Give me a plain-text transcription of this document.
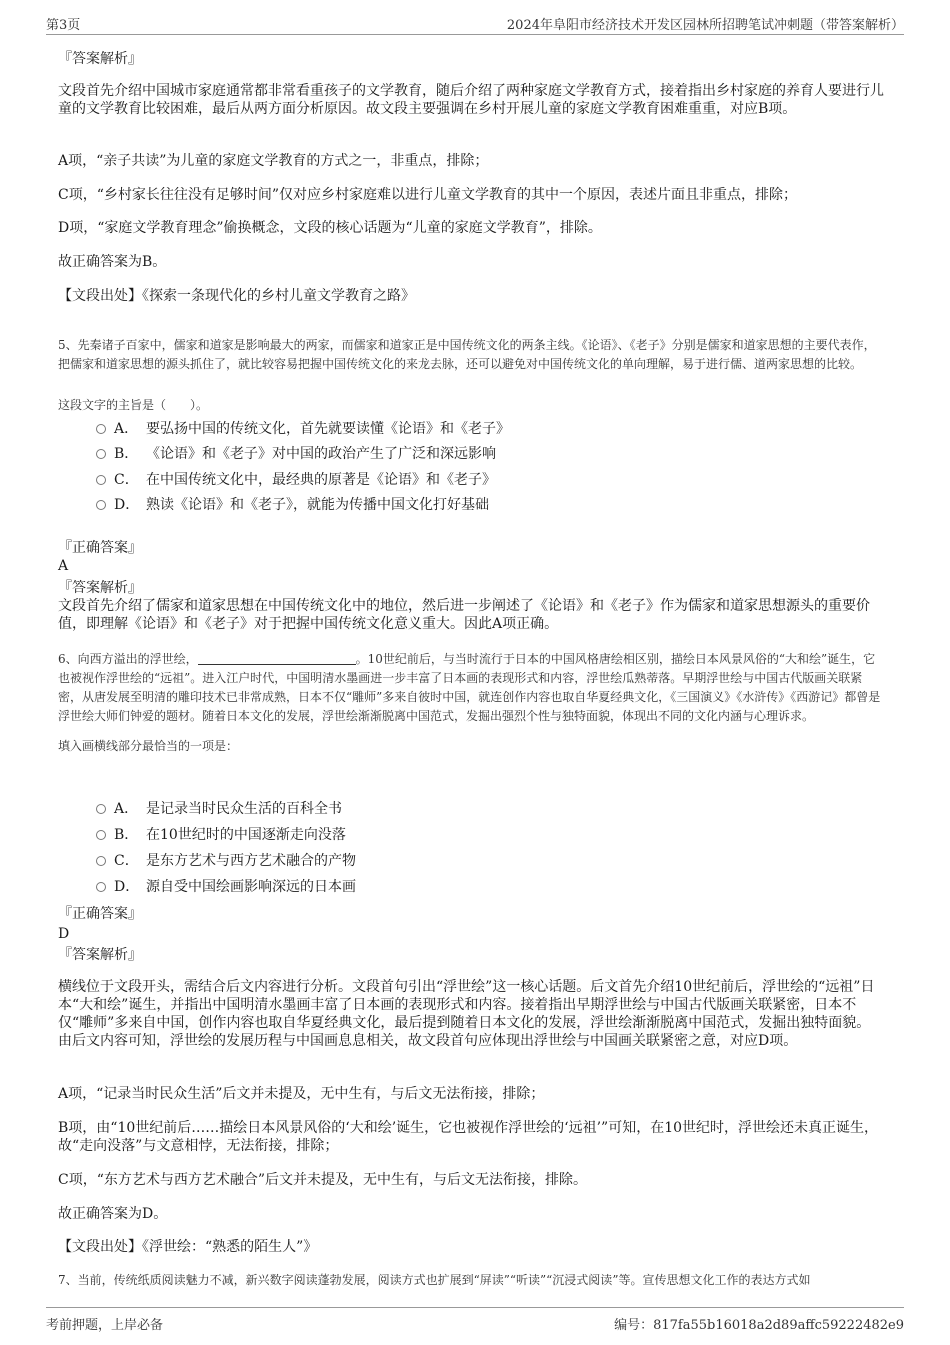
第3页	2024年阜阳市经济技术开发区园林所招聘笔试冲刺题（带答案解析）
『答案解析』
文段首先介绍中国城市家庭通常都非常看重孩子的文学教育，随后介绍了两种家庭文学教育方式，接着指出乡村家庭的养育人要进行儿童的文学教育比较困难，最后从两方面分析原因。故文段主要强调在乡村开展儿童的家庭文学教育困难重重，对应B项。
A项，“亲子共读”为儿童的家庭文学教育的方式之一，非重点，排除；
C项，“乡村家长往往没有足够时间”仅对应乡村家庭难以进行儿童文学教育的其中一个原因，表述片面且非重点，排除；
D项，“家庭文学教育理念”偷换概念，文段的核心话题为“儿童的家庭文学教育”，排除。
故正确答案为B。
【文段出处】《探索一条现代化的乡村儿童文学教育之路》
5、先秦诸子百家中，儒家和道家是影响最大的两家，而儒家和道家正是中国传统文化的两条主线。《论语》、《老子》分别是儒家和道家思想的主要代表作，把儒家和道家思想的源头抓住了，就比较容易把握中国传统文化的来龙去脉，还可以避免对中国传统文化的单向理解，易于进行儒、道两家思想的比较。
这段文字的主旨是（　　）。
A． 要弘扬中国的传统文化，首先就要读懂《论语》和《老子》
B． 《论语》和《老子》对中国的政治产生了广泛和深远影响
C． 在中国传统文化中，最经典的原著是《论语》和《老子》
D． 熟读《论语》和《老子》，就能为传播中国文化打好基础
『正确答案』
A
『答案解析』
文段首先介绍了儒家和道家思想在中国传统文化中的地位，然后进一步阐述了《论语》和《老子》作为儒家和道家思想源头的重要价值，即理解《论语》和《老子》对于把握中国传统文化意义重大。因此A项正确。
6、向西方溢出的浮世绘，	。10世纪前后，与当时流行于日本的中国风格唐绘相区别，描绘日本风景风俗的“大和绘”诞生，它也被视作浮世绘的“远祖”。进入江户时代，中国明清水墨画进一步丰富了日本画的表现形式和内容，浮世绘瓜熟蒂落。早期浮世绘与中国古代版画关联紧密，从唐发展至明清的雕印技术已非常成熟，日本不仅“雕师”多来自彼时中国，就连创作内容也取自华夏经典文化，《三国演义》《水浒传》《西游记》都曾是浮世绘大师们钟爱的题材。随着日本文化的发展，浮世绘渐渐脱离中国范式，发掘出强烈个性与独特面貌，体现出不同的文化内涵与心理诉求。
填入画横线部分最恰当的一项是：
A． 是记录当时民众生活的百科全书
B． 在10世纪时的中国逐渐走向没落
C． 是东方艺术与西方艺术融合的产物
D． 源自受中国绘画影响深远的日本画
『正确答案』
D
『答案解析』
横线位于文段开头，需结合后文内容进行分析。文段首句引出“浮世绘”这一核心话题。后文首先介绍10世纪前后，浮世绘的“远祖”日本“大和绘”诞生，并指出中国明清水墨画丰富了日本画的表现形式和内容。接着指出早期浮世绘与中国古代版画关联紧密，日本不仅“雕师”多来自中国，创作内容也取自华夏经典文化，最后提到随着日本文化的发展，浮世绘渐渐脱离中国范式，发掘出独特面貌。由后文内容可知，浮世绘的发展历程与中国画息息相关，故文段首句应体现出浮世绘与中国画关联紧密之意，对应D项。
A项，“记录当时民众生活”后文并未提及，无中生有，与后文无法衔接，排除；
B项，由“10世纪前后……描绘日本风景风俗的‘大和绘’诞生，它也被视作浮世绘的‘远祖’”可知，在10世纪时，浮世绘还未真正诞生，故“走向没落”与文意相悖，无法衔接，排除；
C项，“东方艺术与西方艺术融合”后文并未提及，无中生有，与后文无法衔接，排除。
故正确答案为D。
【文段出处】《浮世绘：“熟悉的陌生人”》
7、当前，传统纸质阅读魅力不减，新兴数字阅读蓬勃发展，阅读方式也扩展到“屏读”“听读”“沉浸式阅读”等。宣传思想文化工作的表达方式如
考前押题，上岸必备	编号：817fa55b16018a2d89affc59222482e9
